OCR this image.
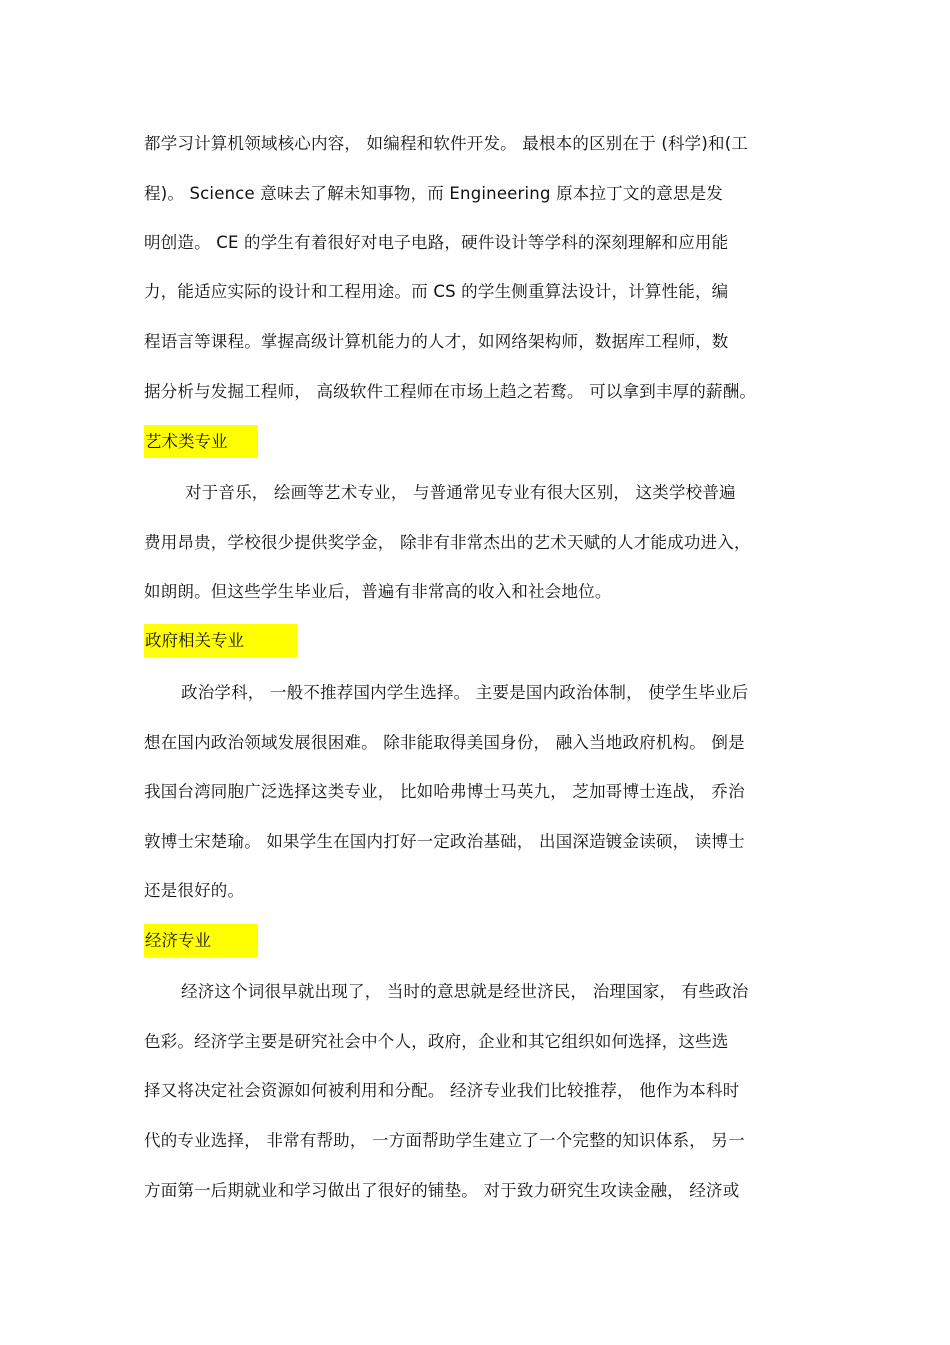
都学习计算机领域核心内容， 如编程和软件开发。 最根本的区别在于 (科学)和(工
程)。 Science 意味去了解未知事物，而 Engineering 原本拉丁文的意思是发
明创造。 CE 的学生有着很好对电子电路，硬件设计等学科的深刻理解和应用能
力，能适应实际的设计和工程用途。而 CS 的学生侧重算法设计，计算性能，编
程语言等课程。掌握高级计算机能力的人才，如网络架构师，数据库工程师，数
据分析与发掘工程师， 高级软件工程师在市场上趋之若鹜。 可以拿到丰厚的薪酬。
艺术类专业
对于音乐， 绘画等艺术专业， 与普通常见专业有很大区别， 这类学校普遍
费用昂贵，学校很少提供奖学金， 除非有非常杰出的艺术天赋的人才能成功进入，
如朗朗。但这些学生毕业后，普遍有非常高的收入和社会地位。
政府相关专业
政治学科， 一般不推荐国内学生选择。 主要是国内政治体制， 使学生毕业后
想在国内政治领域发展很困难。 除非能取得美国身份， 融入当地政府机构。 倒是
我国台湾同胞广泛选择这类专业， 比如哈弗博士马英九， 芝加哥博士连战， 乔治
敦博士宋楚瑜。 如果学生在国内打好一定政治基础， 出国深造镀金读硕， 读博士
还是很好的。
经济专业
经济这个词很早就出现了， 当时的意思就是经世济民， 治理国家， 有些政治
色彩。经济学主要是研究社会中个人，政府，企业和其它组织如何选择，这些选
择又将决定社会资源如何被利用和分配。 经济专业我们比较推荐， 他作为本科时
代的专业选择， 非常有帮助， 一方面帮助学生建立了一个完整的知识体系， 另一
方面第一后期就业和学习做出了很好的铺垫。 对于致力研究生攻读金融， 经济或
